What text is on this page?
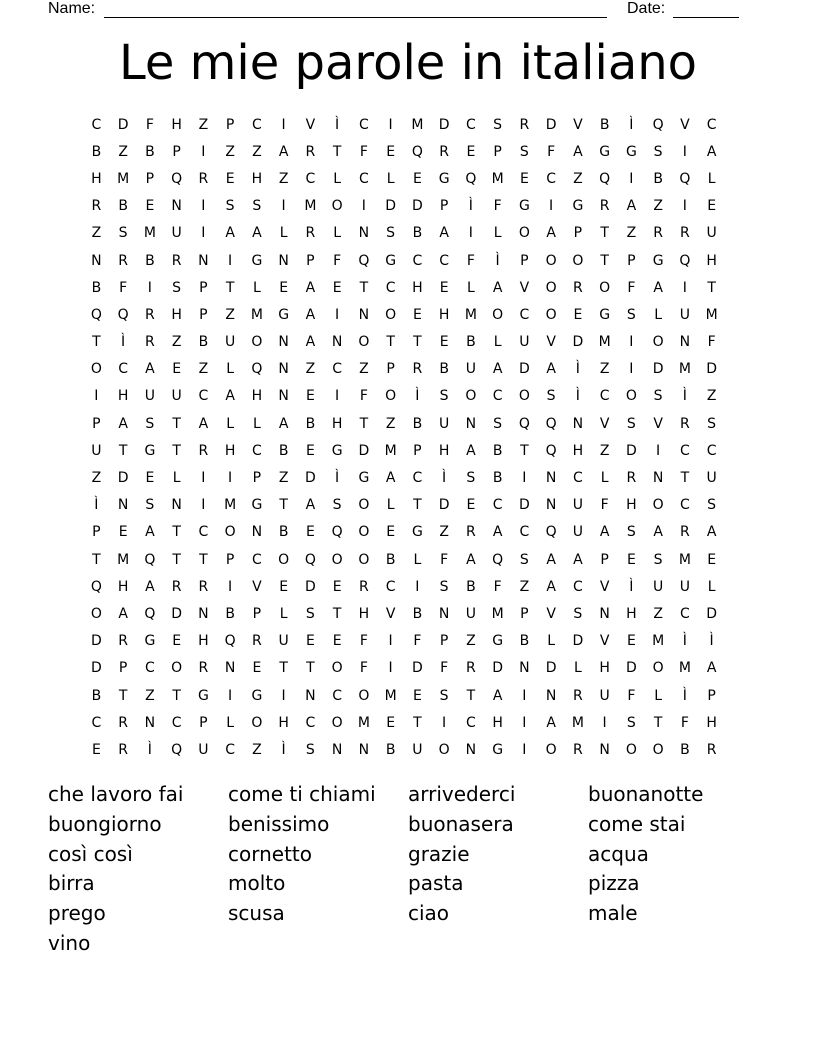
Name:	Date:
Le mie parole in italiano
C	D	F	H	Z	P	C	I	V	Ì	C	I	M	D	C	S	R	D	V	B	Ì	Q	V	C
B	Z	B	P	I	Z	Z	A	R	T	F	E	Q	R	E	P	S	F	A	G	G	S	I	A
H	M	P	Q	R	E	H	Z	C	L	C	L	E	G	Q	M	E	C	Z	Q	I	B	Q	L
R	B	E	N	I	S	S	I	M	O	I	D	D	P	Ì	F	G	I	G	R	A	Z	I	E
Z	S	M	U	I	A	A	L	R	L	N	S	B	A	I	L	O	A	P	T	Z	R	R	U
N	R	B	R	N	I	G	N	P	F	Q	G	C	C	F	Ì	P	O	O	T	P	G	Q	H
B	F	I	S	P	T	L	E	A	E	T	C	H	E	L	A	V	O	R	O	F	A	I	T
Q	Q	R	H	P	Z	M	G	A	I	N	O	E	H	M	O	C	O	E	G	S	L	U	M
T	Ì	R	Z	B	U	O	N	A	N	O	T	T	E	B	L	U	V	D	M	I	O	N	F
O	C	A	E	Z	L	Q	N	Z	C	Z	P	R	B	U	A	D	A	Ì	Z	I	D	M	D
I	H	U	U	C	A	H	N	E	I	F	O	Ì	S	O	C	O	S	Ì	C	O	S	Ì	Z
P	A	S	T	A	L	L	A	B	H	T	Z	B	U	N	S	Q	Q	N	V	S	V	R	S
U	T	G	T	R	H	C	B	E	G	D	M	P	H	A	B	T	Q	H	Z	D	I	C	C
Z	D	E	L	I	I	P	Z	D	Ì	G	A	C	Ì	S	B	I	N	C	L	R	N	T	U
Ì	N	S	N	I	M	G	T	A	S	O	L	T	D	E	C	D	N	U	F	H	O	C	S
P	E	A	T	C	O	N	B	E	Q	O	E	G	Z	R	A	C	Q	U	A	S	A	R	A
T	M	Q	T	T	P	C	O	Q	O	O	B	L	F	A	Q	S	A	A	P	E	S	M	E
Q	H	A	R	R	I	V	E	D	E	R	C	I	S	B	F	Z	A	C	V	Ì	U	U	L
O	A	Q	D	N	B	P	L	S	T	H	V	B	N	U	M	P	V	S	N	H	Z	C	D
D	R	G	E	H	Q	R	U	E	E	F	I	F	P	Z	G	B	L	D	V	E	M	Ì	Ì
D	P	C	O	R	N	E	T	T	O	F	I	D	F	R	D	N	D	L	H	D	O	M	A
B	T	Z	T	G	I	G	I	N	C	O	M	E	S	T	A	I	N	R	U	F	L	Ì	P
C	R	N	C	P	L	O	H	C	O	M	E	T	I	C	H	I	A	M	I	S	T	F	H
E	R	Ì	Q	U	C	Z	Ì	S	N	N	B	U	O	N	G	I	O	R	N	O	O	B	R
che lavoro fai	come ti chiami	arrivederci	buonanotte
buongiorno	benissimo	buonasera	come stai
così così	cornetto	grazie	acqua
birra	molto	pasta	pizza
prego	scusa	ciao	male
vino
